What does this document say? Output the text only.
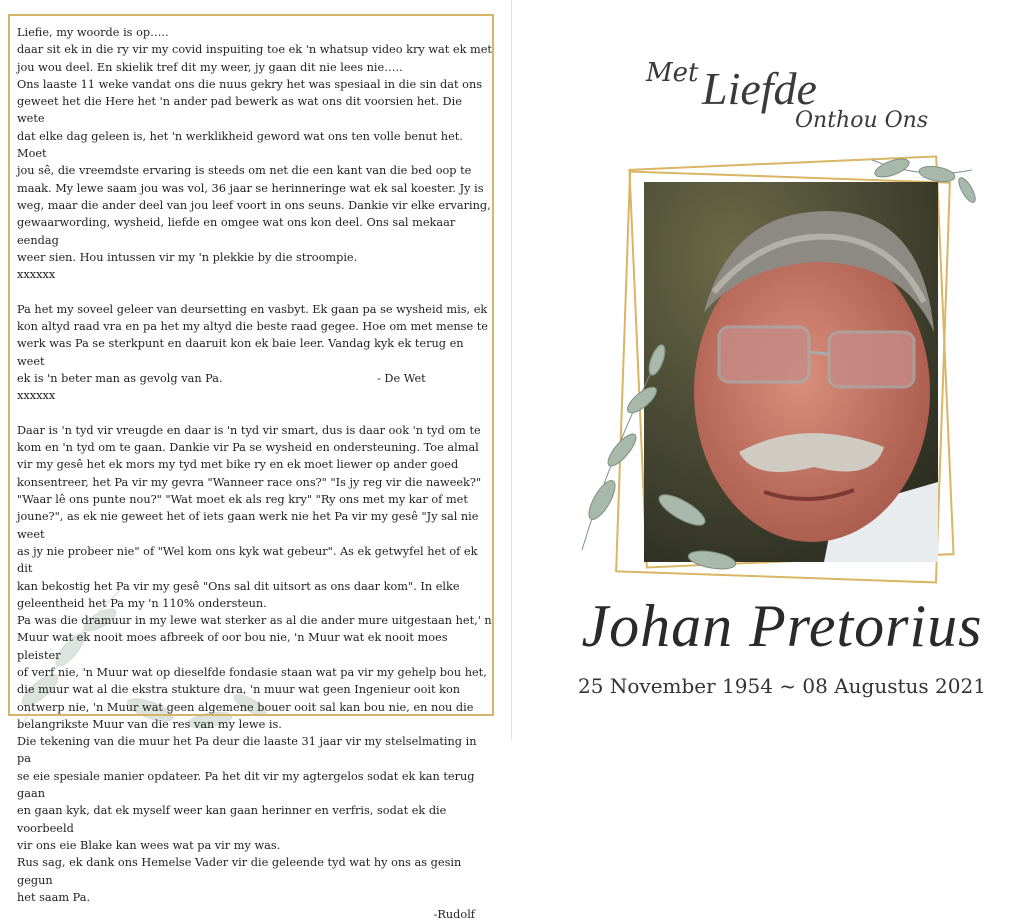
Liefie, my woorde is op…..

daar sit ek in die ry vir my covid inspuiting toe ek 'n whatsup video kry wat ek met

jou wou deel. En skielik tref dit my weer, jy gaan dit nie lees nie…..

Ons laaste 11 weke vandat ons die nuus gekry het was spesiaal in die sin dat ons

geweet het die Here het 'n ander pad bewerk as wat ons dit voorsien het. Die wete

dat elke dag geleen is, het 'n werklikheid geword wat ons ten volle benut het. Moet

jou sê, die vreemdste ervaring is steeds om net die een kant van die bed oop te

maak. My lewe saam jou was vol, 36 jaar se herinneringe wat ek sal koester. Jy is

weg, maar die ander deel van jou leef voort in ons seuns. Dankie vir elke ervaring,

gewaarwording, wysheid, liefde en omgee wat ons kon deel. Ons sal mekaar eendag

weer sien. Hou intussen vir my 'n plekkie by die stroompie.

xxxxxx

Pa het my soveel geleer van deursetting en vasbyt. Ek gaan pa se wysheid mis, ek

kon altyd raad vra en pa het my altyd die beste raad gegee. Hoe om met mense te

werk was Pa se sterkpunt en daaruit kon ek baie leer. Vandag kyk ek terug en weet

ek is 'n beter man as gevolg van Pa.                                           - De Wet

xxxxxx

Daar is 'n tyd vir vreugde en daar is 'n tyd vir smart, dus is daar ook 'n tyd om te

kom en 'n tyd om te gaan. Dankie vir Pa se wysheid en ondersteuning. Toe almal

vir my gesê het ek mors my tyd met bike ry en ek moet liewer op ander goed

konsentreer, het Pa vir my gevra "Wanneer race ons?" "Is jy reg vir die naweek?"

"Waar lê ons punte nou?" "Wat moet ek als reg kry" "Ry ons met my kar of met

joune?", as ek nie geweet het of iets gaan werk nie het Pa vir my gesê "Jy sal nie weet

as jy nie probeer nie" of "Wel kom ons kyk wat gebeur". As ek getwyfel het of ek dit

kan bekostig het Pa vir my gesê "Ons sal dit uitsort as ons daar kom". In elke

geleentheid het Pa my 'n 110% ondersteun.

Pa was die dramuur in my lewe wat sterker as al die ander mure uitgestaan het,' n

Muur wat ek nooit moes afbreek of oor bou nie, 'n Muur wat ek nooit moes pleister

of verf nie, 'n Muur wat op dieselfde fondasie staan wat pa vir my gehelp bou het,

die muur wat al die ekstra stukture dra, 'n muur wat geen Ingenieur ooit kon

ontwerp nie, 'n Muur wat geen algemene bouer ooit sal kan bou nie, en nou die

belangrikste Muur van die res van my lewe is.

Die tekening van die muur het Pa deur die laaste 31 jaar vir my stelselmating in pa

se eie spesiale manier opdateer. Pa het dit vir my agtergelos sodat ek kan terug gaan

en gaan kyk, dat ek myself weer kan gaan herinner en verfris, sodat ek die voorbeeld

vir ons eie Blake kan wees wat pa vir my was.

Rus sag, ek dank ons Hemelse Vader vir die geleende tyd wat hy ons as gesin gegun

het saam Pa.

-Rudolf

Met Liefde
Onthou Ons
Johan Pretorius
25 November 1954 ~ 08 Augustus 2021
